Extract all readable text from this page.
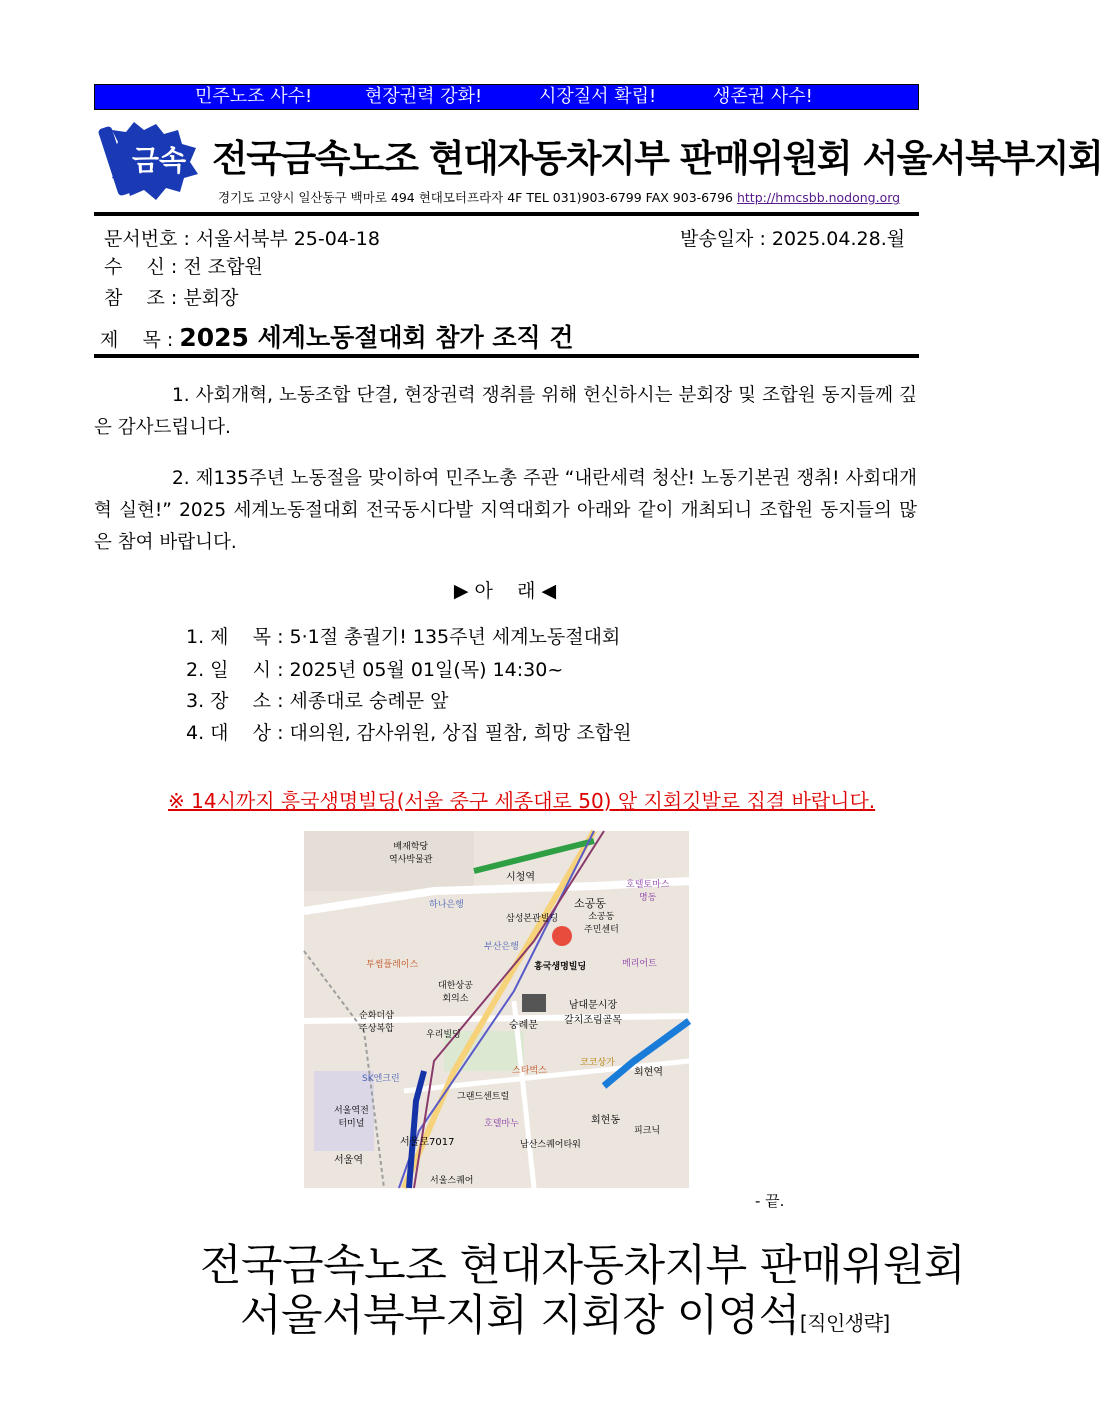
민주노조 사수!	현장권력 강화!	시장질서 확립!	생존권 사수!
금속 전국금속노조 현대자동차지부 판매위원회 서울서북부지회
경기도 고양시 일산동구 백마로 494 현대모터프라자 4F TEL 031)903-6799 FAX 903-6796 http://hmcsbb.nodong.org
문서번호 : 서울서북부 25-04-18	발송일자 : 2025.04.28.월
수    신 : 전 조합원
참    조 : 분회장
제    목 : 2025 세계노동절대회 참가 조직 건

1. 사회개혁, 노동조합 단결, 현장권력 쟁취를 위해 헌신하시는 분회장 및 조합원 동지들께 깊은 감사드립니다.

2. 제135주년 노동절을 맞이하여 민주노총 주관 “내란세력 청산! 노동기본권 쟁취! 사회대개혁 실현!” 2025 세계노동절대회 전국동시다발 지역대회가 아래와 같이 개최되니 조합원 동지들의 많은 참여 바랍니다.

▶ 아    래 ◀
1. 제    목 : 5·1절 총궐기! 135주년 세계노동절대회
2. 일    시 : 2025년 05월 01일(목) 14:30~
3. 장    소 : 세종대로 숭례문 앞
4. 대    상 : 대의원, 감사위원, 상집 필참, 희망 조합원
※ 14시까지 흥국생명빌딩(서울 중구 세종대로 50) 앞 지회깃발로 집결 바랍니다.
배재학당
역사박물관
시청역
하나은행
삼성본관빌딩
소공동
소공동
주민센터
호텔토마스
명동
부산은행
흥국생명빌딩	메리어트
투썸플레이스
대한상공
회의소
남대문시장
갈치조림골목
순화더샵
주상복합
우리빌딩
숭례문
코코상가
회현역
스타벅스
SK엔크린
그랜드센트럴
서울역전
터미널	호텔마누	회현동
피크닉
서울로7017	남산스퀘어타워
서울역
서울스퀘어
- 끝.
전국금속노조 현대자동차지부 판매위원회
서울서북부지회 지회장 이영석[직인생략]
